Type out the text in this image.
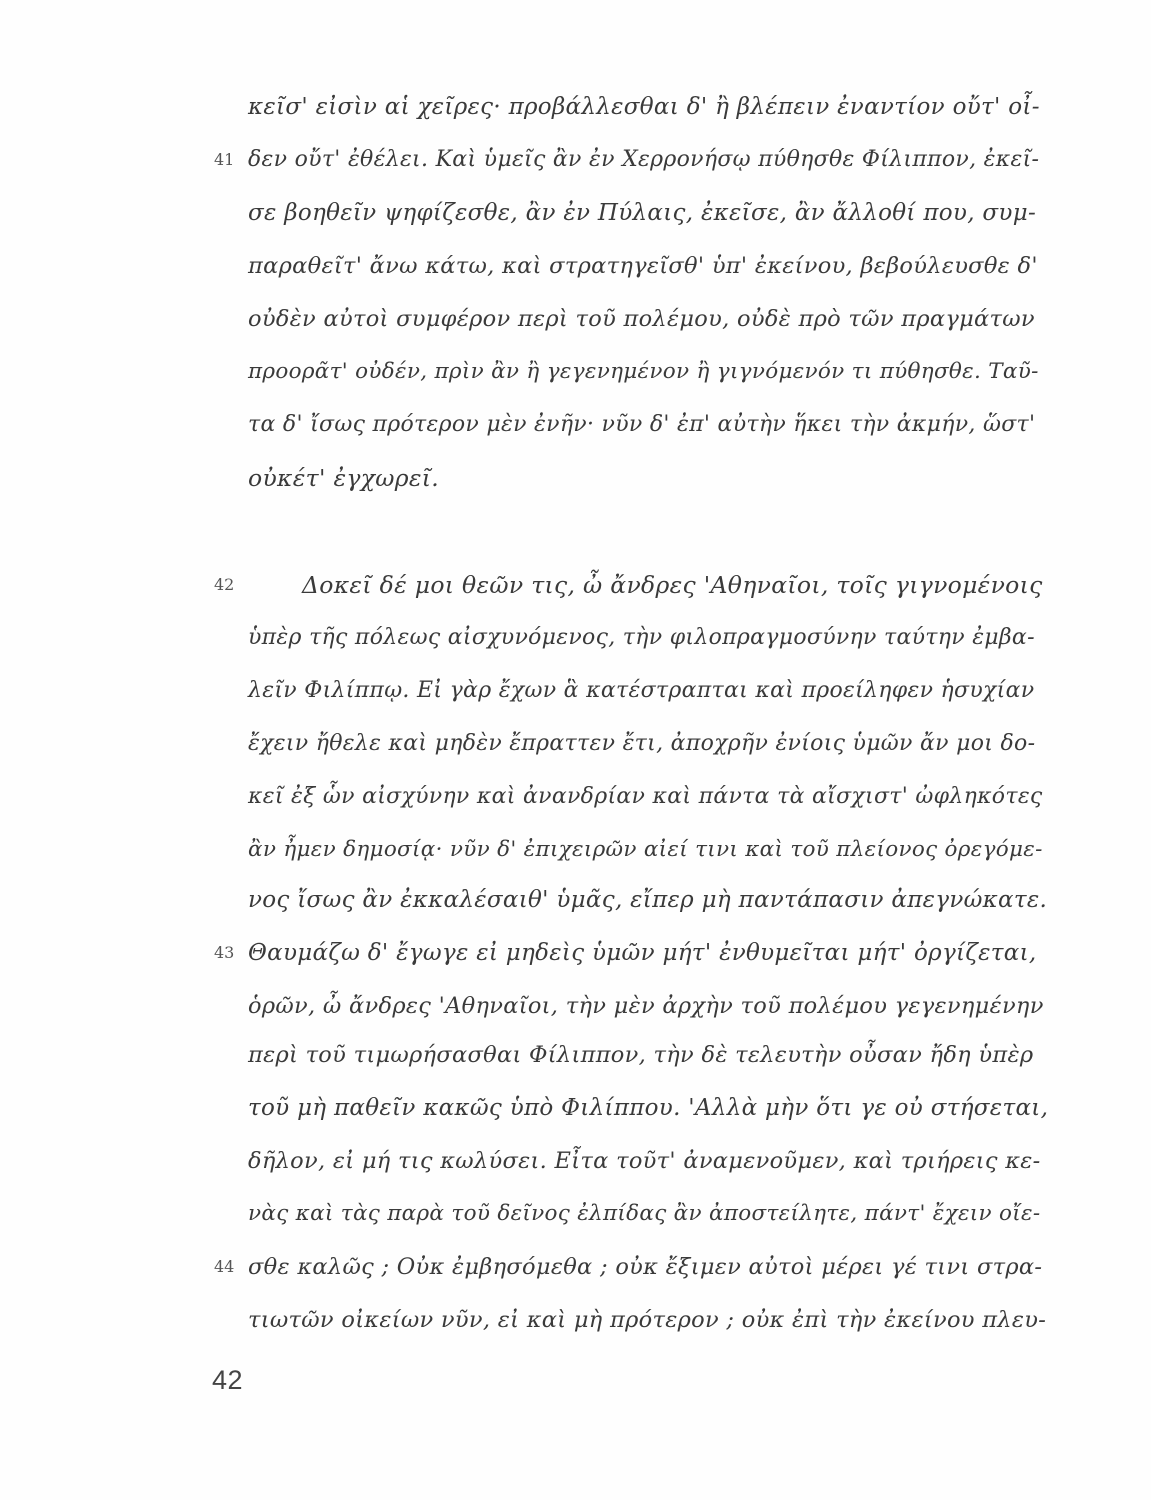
41
42
43
44
κεῖσ' εἰσὶν αἱ χεῖρες· προβάλλεσθαι δ' ἢ βλέπειν ἐναντίον οὔτ' οἶ-
δεν οὔτ' ἐθέλει. Καὶ ὑμεῖς ἂν ἐν Χερρονήσῳ πύθησθε Φίλιππον, ἐκεῖ-
σε βοηθεῖν ψηφίζεσθε, ἂν ἐν Πύλαις, ἐκεῖσε, ἂν ἄλλοθί που, συμ-
παραθεῖτ' ἄνω κάτω, καὶ στρατηγεῖσθ' ὑπ' ἐκείνου, βεβούλευσθε δ'
οὐδὲν αὐτοὶ συμφέρον περὶ τοῦ πολέμου, οὐδὲ πρὸ τῶν πραγμάτων
προορᾶτ' οὐδέν, πρὶν ἂν ἢ γεγενημένον ἢ γιγνόμενόν τι πύθησθε. Ταῦ-
τα δ' ἴσως πρότερον μὲν ἐνῆν· νῦν δ' ἐπ' αὐτὴν ἥκει τὴν ἀκμήν, ὥστ'
οὐκέτ' ἐγχωρεῖ.
Δοκεῖ δέ μοι θεῶν τις, ὦ ἄνδρες 'Αθηναῖοι, τοῖς γιγνομένοις
ὑπὲρ τῆς πόλεως αἰσχυνόμενος, τὴν φιλοπραγμοσύνην ταύτην ἐμβα-
λεῖν Φιλίππῳ. Εἰ γὰρ ἔχων ἃ κατέστραπται καὶ προείληφεν ἡσυχίαν
ἔχειν ἤθελε καὶ μηδὲν ἔπραττεν ἔτι, ἀποχρῆν ἐνίοις ὑμῶν ἄν μοι δο-
κεῖ ἐξ ὧν αἰσχύνην καὶ ἀνανδρίαν καὶ πάντα τὰ αἴσχιστ' ὠφληκότες
ἂν ἦμεν δημοσίᾳ· νῦν δ' ἐπιχειρῶν αἰεί τινι καὶ τοῦ πλείονος ὀρεγόμε-
νος ἴσως ἂν ἐκκαλέσαιθ' ὑμᾶς, εἴπερ μὴ παντάπασιν ἀπεγνώκατε.
Θαυμάζω δ' ἔγωγε εἰ μηδεὶς ὑμῶν μήτ' ἐνθυμεῖται μήτ' ὀργίζεται,
ὁρῶν, ὦ ἄνδρες 'Αθηναῖοι, τὴν μὲν ἀρχὴν τοῦ πολέμου γεγενημένην
περὶ τοῦ τιμωρήσασθαι Φίλιππον, τὴν δὲ τελευτὴν οὖσαν ἤδη ὑπὲρ
τοῦ μὴ παθεῖν κακῶς ὑπὸ Φιλίππου. 'Αλλὰ μὴν ὅτι γε οὐ στήσεται,
δῆλον, εἰ μή τις κωλύσει. Εἶτα τοῦτ' ἀναμενοῦμεν, καὶ τριήρεις κε-
νὰς καὶ τὰς παρὰ τοῦ δεῖνος ἐλπίδας ἂν ἀποστείλητε, πάντ' ἔχειν οἴε-
σθε καλῶς ; Οὐκ ἐμβησόμεθα ; οὐκ ἔξιμεν αὐτοὶ μέρει γέ τινι στρα-
τιωτῶν οἰκείων νῦν, εἰ καὶ μὴ πρότερον ; οὐκ ἐπὶ τὴν ἐκείνου πλευ-
42
